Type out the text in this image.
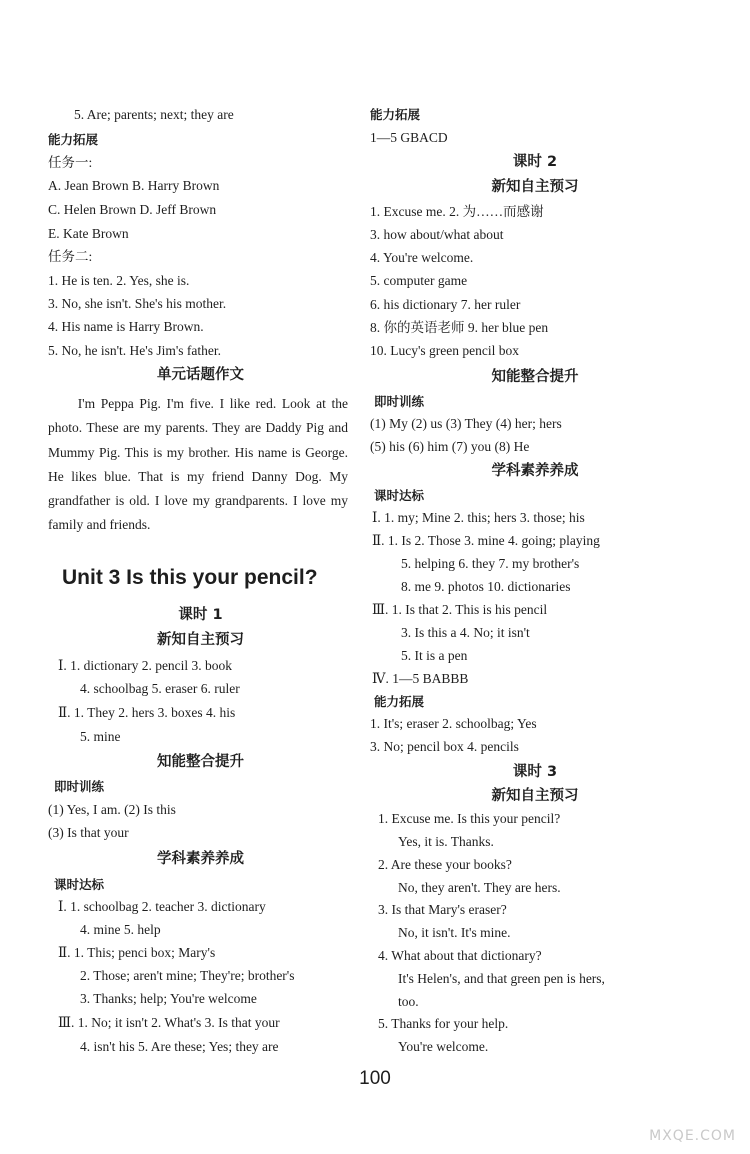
5. Are; parents; next; they are
能力拓展
任务一:
A. Jean Brown B. Harry Brown
C. Helen Brown D. Jeff Brown
E. Kate Brown
任务二:
1. He is ten. 2. Yes, she is.
3. No, she isn't. She's his mother.
4. His name is Harry Brown.
5. No, he isn't. He's Jim's father.
单元话题作文
I'm Peppa Pig. I'm five. I like red. Look at the photo. These are my parents. They are Daddy Pig and Mummy Pig. This is my brother. His name is George. He likes blue. That is my friend Danny Dog. My grandfather is old. I love my grandparents. I love my family and friends.
Unit 3 Is this your pencil?
课时 1
新知自主预习
Ⅰ. 1. dictionary 2. pencil 3. book
4. schoolbag 5. eraser 6. ruler
Ⅱ. 1. They 2. hers 3. boxes 4. his
5. mine
知能整合提升
即时训练
(1) Yes, I am. (2) Is this
(3) Is that your
学科素养养成
课时达标
Ⅰ. 1. schoolbag 2. teacher 3. dictionary
4. mine 5. help
Ⅱ. 1. This; penci box; Mary's
2. Those; aren't mine; They're; brother's
3. Thanks; help; You're welcome
Ⅲ. 1. No; it isn't 2. What's 3. Is that your
4. isn't his 5. Are these; Yes; they are
能力拓展
1—5 GBACD
课时 2
新知自主预习
1. Excuse me. 2. 为……而感谢
3. how about/what about
4. You're welcome.
5. computer game
6. his dictionary 7. her ruler
8. 你的英语老师 9. her blue pen
10. Lucy's green pencil box
知能整合提升
即时训练
(1) My (2) us (3) They (4) her; hers
(5) his (6) him (7) you (8) He
学科素养养成
课时达标
Ⅰ. 1. my; Mine 2. this; hers 3. those; his
Ⅱ. 1. Is 2. Those 3. mine 4. going; playing
5. helping 6. they 7. my brother's
8. me 9. photos 10. dictionaries
Ⅲ. 1. Is that 2. This is his pencil
3. Is this a 4. No; it isn't
5. It is a pen
Ⅳ. 1—5 BABBB
能力拓展
1. It's; eraser 2. schoolbag; Yes
3. No; pencil box 4. pencils
课时 3
新知自主预习
1. Excuse me. Is this your pencil?
Yes, it is. Thanks.
2. Are these your books?
No, they aren't. They are hers.
3. Is that Mary's eraser?
No, it isn't. It's mine.
4. What about that dictionary?
It's Helen's, and that green pen is hers,
too.
5. Thanks for your help.
You're welcome.
100
MXQE.COM
